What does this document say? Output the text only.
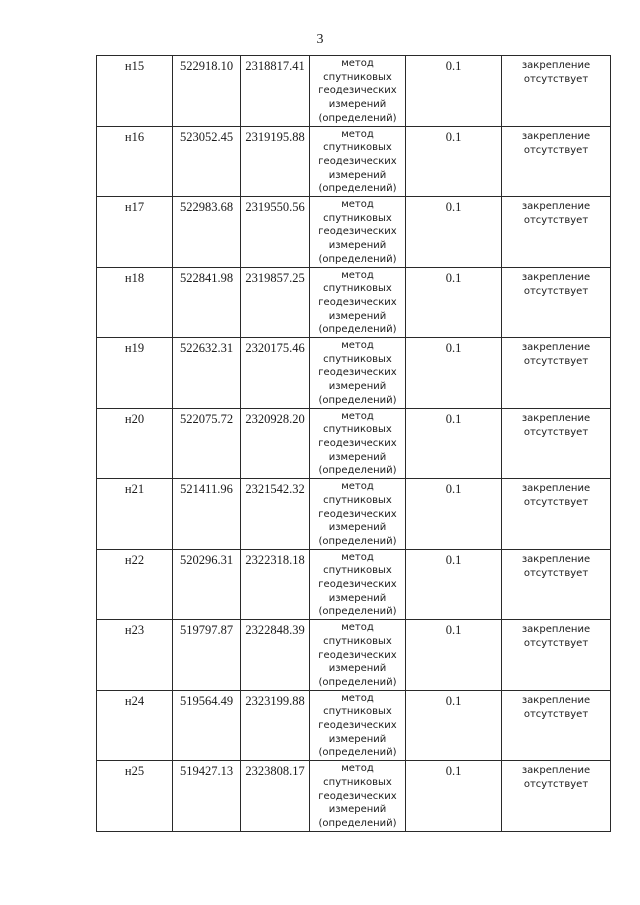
3
н15	522918.10	2318817.41	метод спутниковых геодезических измерений (определений)	0.1	закрепление отсутствует
н16	523052.45	2319195.88	метод спутниковых геодезических измерений (определений)	0.1	закрепление отсутствует
н17	522983.68	2319550.56	метод спутниковых геодезических измерений (определений)	0.1	закрепление отсутствует
н18	522841.98	2319857.25	метод спутниковых геодезических измерений (определений)	0.1	закрепление отсутствует
н19	522632.31	2320175.46	метод спутниковых геодезических измерений (определений)	0.1	закрепление отсутствует
н20	522075.72	2320928.20	метод спутниковых геодезических измерений (определений)	0.1	закрепление отсутствует
н21	521411.96	2321542.32	метод спутниковых геодезических измерений (определений)	0.1	закрепление отсутствует
н22	520296.31	2322318.18	метод спутниковых геодезических измерений (определений)	0.1	закрепление отсутствует
н23	519797.87	2322848.39	метод спутниковых геодезических измерений (определений)	0.1	закрепление отсутствует
н24	519564.49	2323199.88	метод спутниковых геодезических измерений (определений)	0.1	закрепление отсутствует
н25	519427.13	2323808.17	метод спутниковых геодезических измерений (определений)	0.1	закрепление отсутствует
